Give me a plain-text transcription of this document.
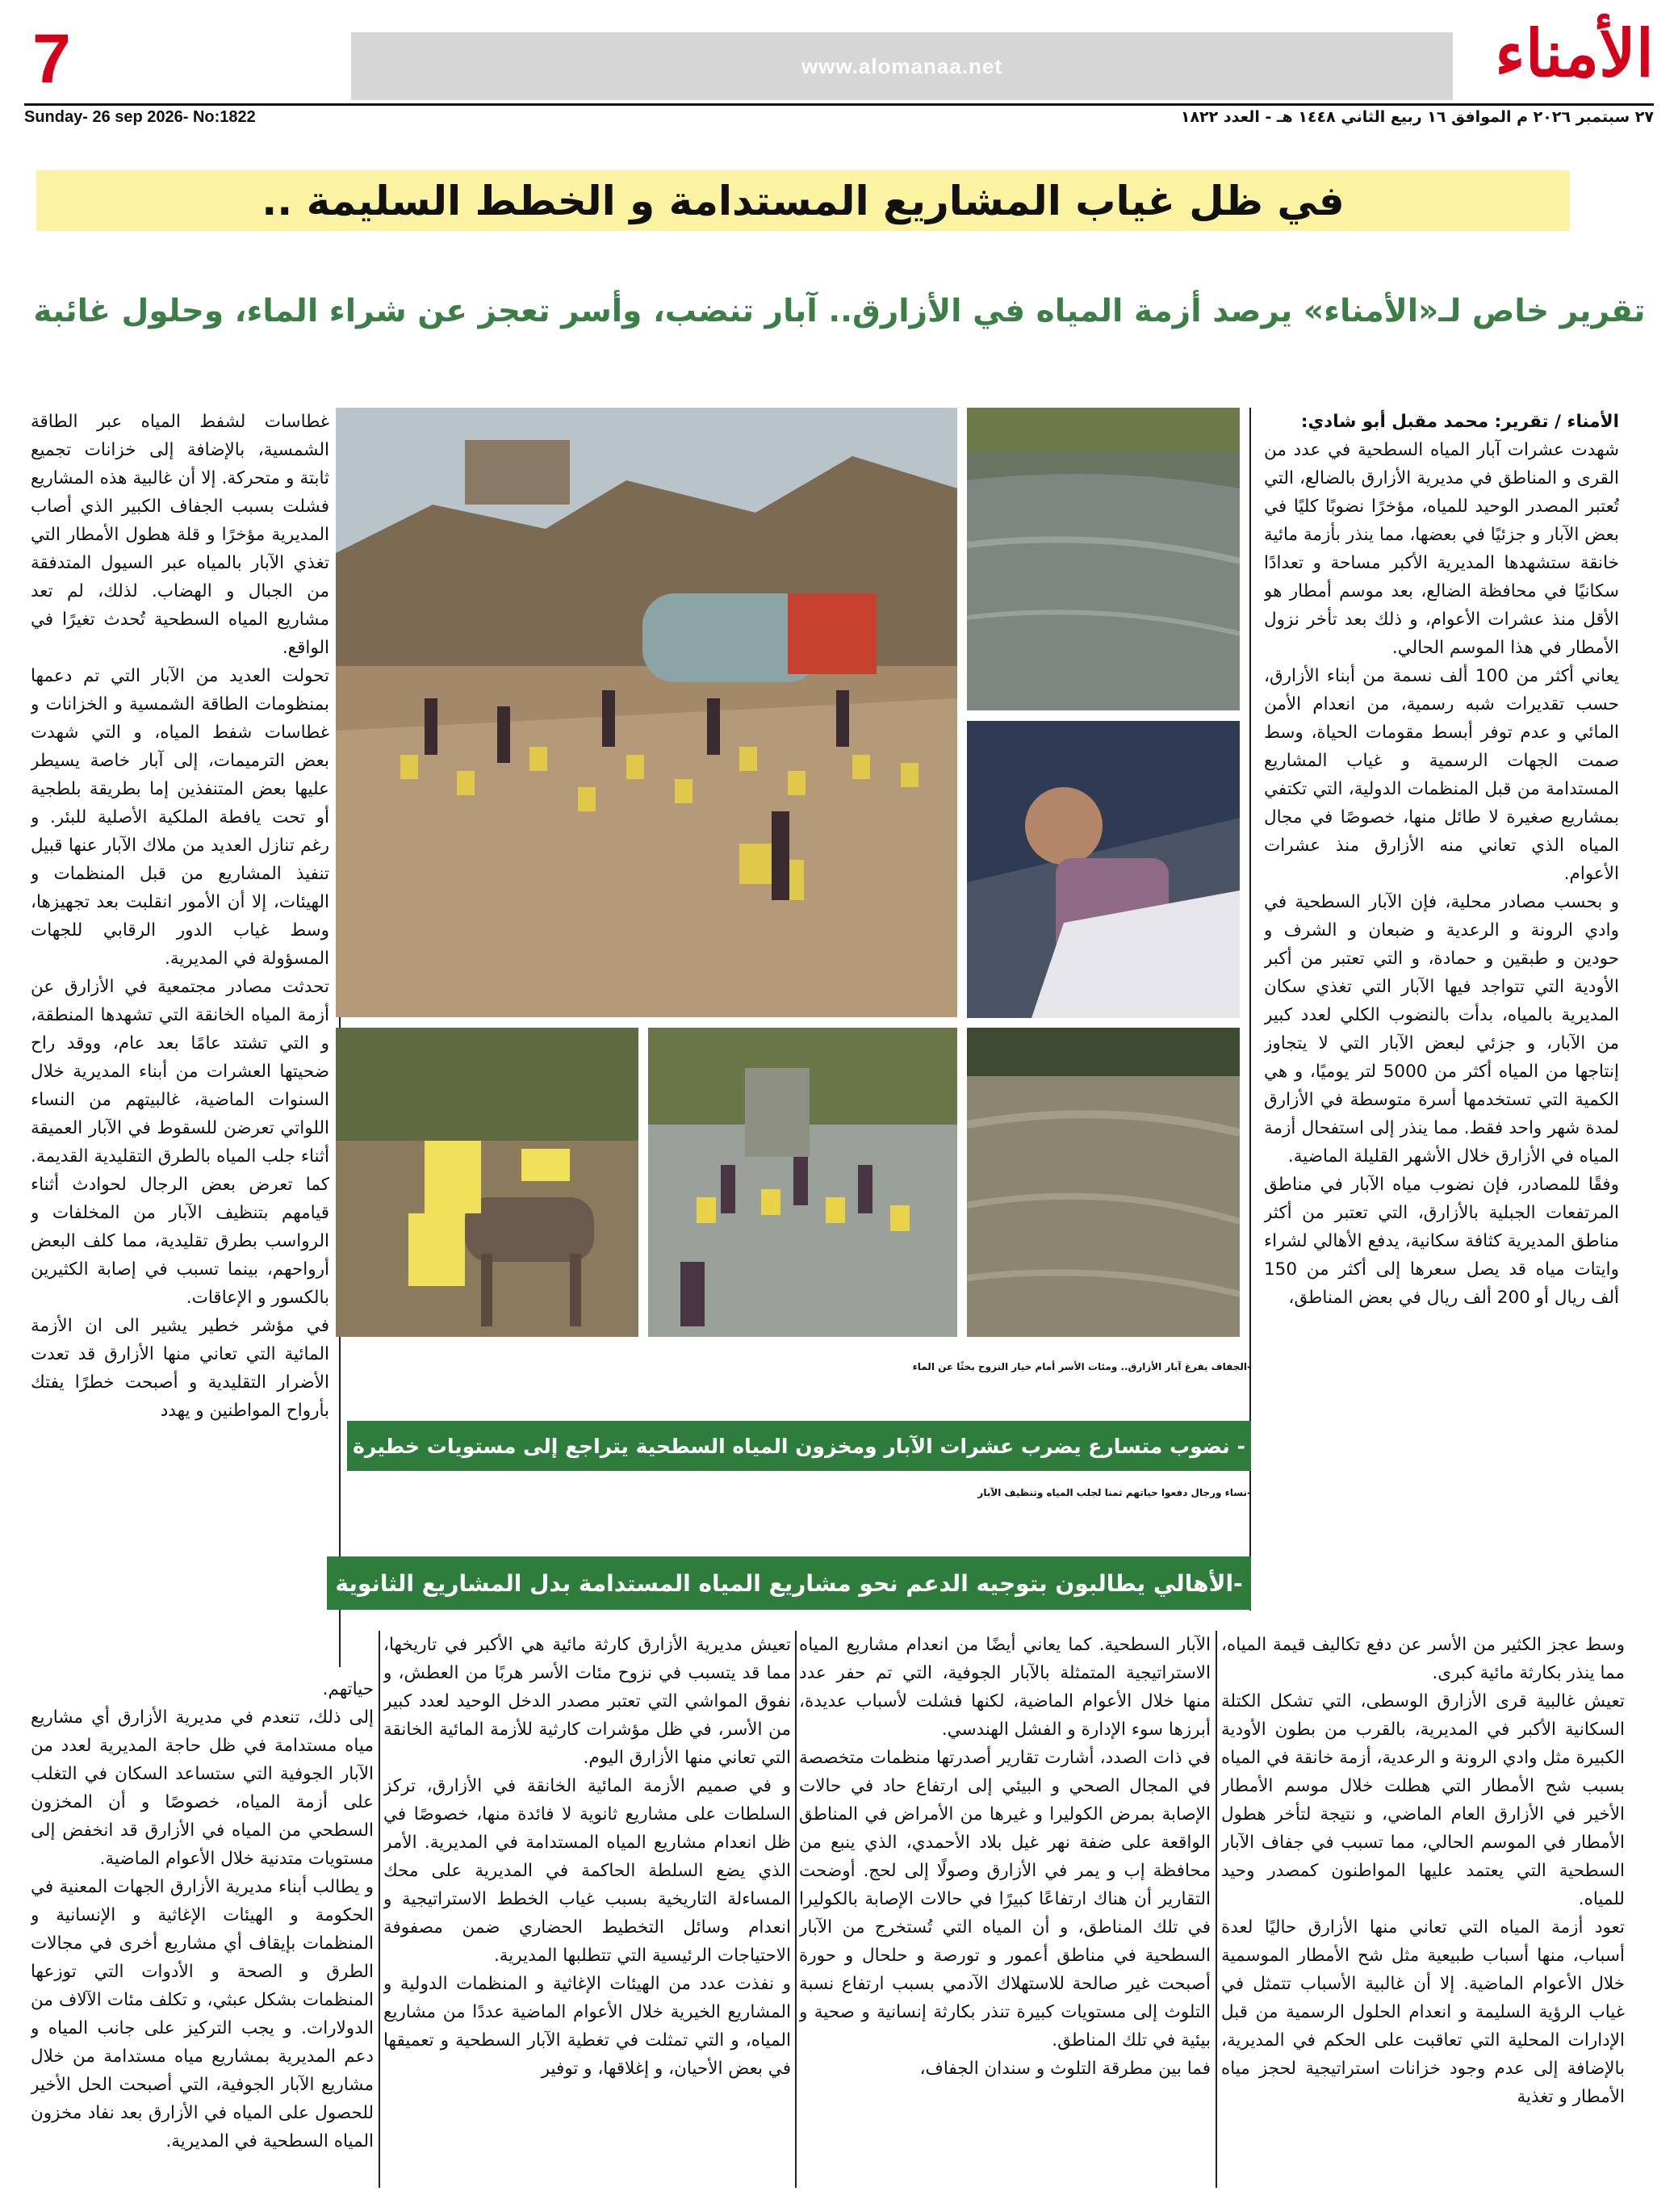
7	www.alomanaa.net	الأمناء
Sunday- 26 sep 2026- No:1822	٢٧ سبتمبر ٢٠٢٦ م الموافق ١٦ ربيع الثاني ١٤٤٨ هـ - العدد ١٨٢٢
في ظل غياب المشاريع المستدامة و الخطط السليمة ..
تقرير خاص لـ«الأمناء» يرصد أزمة المياه في الأزارق.. آبار تنضب، وأسر تعجز عن شراء الماء، وحلول غائبة

الأمناء / تقرير: محمد مقبل أبو شادي:

شهدت عشرات آبار المياه السطحية في عدد من القرى و المناطق في مديرية الأزارق بالضالع، التي تُعتبر المصدر الوحيد للمياه، مؤخرًا نضوبًا كليًا في بعض الآبار و جزئيًا في بعضها، مما ينذر بأزمة مائية خانقة ستشهدها المديرية الأكبر مساحة و تعدادًا سكانيًا في محافظة الضالع، بعد موسم أمطار هو الأقل منذ عشرات الأعوام، و ذلك بعد تأخر نزول الأمطار في هذا الموسم الحالي.
يعاني أكثر من 100 ألف نسمة من أبناء الأزارق، حسب تقديرات شبه رسمية، من انعدام الأمن المائي و عدم توفر أبسط مقومات الحياة، وسط صمت الجهات الرسمية و غياب المشاريع المستدامة من قبل المنظمات الدولية، التي تكتفي بمشاريع صغيرة لا طائل منها، خصوصًا في مجال المياه الذي تعاني منه الأزارق منذ عشرات الأعوام.
و بحسب مصادر محلية، فإن الآبار السطحية في وادي الرونة و الرعدية و ضبعان و الشرف و حودين و طبقين و حمادة، و التي تعتبر من أكبر الأودية التي تتواجد فيها الآبار التي تغذي سكان المديرية بالمياه، بدأت بالنضوب الكلي لعدد كبير من الآبار، و جزئي لبعض الآبار التي لا يتجاوز إنتاجها من المياه أكثر من 5000 لتر يوميًا، و هي الكمية التي تستخدمها أسرة متوسطة في الأزارق لمدة شهر واحد فقط. مما ينذر إلى استفحال أزمة المياه في الأزارق خلال الأشهر القليلة الماضية.
وفقًا للمصادر، فإن نضوب مياه الآبار في مناطق المرتفعات الجبلية بالأزارق، التي تعتبر من أكثر مناطق المديرية كثافة سكانية، يدفع الأهالي لشراء وايتات مياه قد يصل سعرها إلى أكثر من 150 ألف ريال أو 200 ألف ريال في بعض المناطق،

غطاسات لشفط المياه عبر الطاقة الشمسية، بالإضافة إلى خزانات تجميع ثابتة و متحركة. إلا أن غالبية هذه المشاريع فشلت بسبب الجفاف الكبير الذي أصاب المديرية مؤخرًا و قلة هطول الأمطار التي تغذي الآبار بالمياه عبر السيول المتدفقة من الجبال و الهضاب. لذلك، لم تعد مشاريع المياه السطحية تُحدث تغيرًا في الواقع.
تحولت العديد من الآبار التي تم دعمها بمنظومات الطاقة الشمسية و الخزانات و غطاسات شفط المياه، و التي شهدت بعض الترميمات، إلى آبار خاصة يسيطر عليها بعض المتنفذين إما بطريقة بلطجية أو تحت يافطة الملكية الأصلية للبئر. و رغم تنازل العديد من ملاك الآبار عنها قبيل تنفيذ المشاريع من قبل المنظمات و الهيئات، إلا أن الأمور انقلبت بعد تجهيزها، وسط غياب الدور الرقابي للجهات المسؤولة في المديرية.
تحدثت مصادر مجتمعية في الأزارق عن أزمة المياه الخانقة التي تشهدها المنطقة، و التي تشتد عامًا بعد عام، ووقد راح ضحيتها العشرات من أبناء المديرية خلال السنوات الماضية، غالبيتهم من النساء اللواتي تعرضن للسقوط في الآبار العميقة أثناء جلب المياه بالطرق التقليدية القديمة. كما تعرض بعض الرجال لحوادث أثناء قيامهم بتنظيف الآبار من المخلفات و الرواسب بطرق تقليدية، مما كلف البعض أرواحهم، بينما تسبب في إصابة الكثيرين بالكسور و الإعاقات.
في مؤشر خطير يشير الى ان الأزمة المائية التي تعاني منها الأزارق قد تعدت الأضرار التقليدية و أصبحت خطرًا يفتك بأرواح المواطنين و يهدد

-الجفاف يفرغ آبار الأزارق.. ومئات الأسر أمام خيار النزوح بحثًا عن الماء
- نضوب متسارع يضرب عشرات الآبار ومخزون المياه السطحية يتراجع إلى مستويات خطيرة
-نساء ورجال دفعوا حياتهم ثمنا لجلب المياه وتنظيف الآبار
-الأهالي يطالبون بتوجيه الدعم نحو مشاريع المياه المستدامة بدل المشاريع الثانوية

وسط عجز الكثير من الأسر عن دفع تكاليف قيمة المياه، مما ينذر بكارثة مائية كبرى.
تعيش غالبية قرى الأزارق الوسطى، التي تشكل الكتلة السكانية الأكبر في المديرية، بالقرب من بطون الأودية الكبيرة مثل وادي الرونة و الرعدية، أزمة خانقة في المياه بسبب شح الأمطار التي هطلت خلال موسم الأمطار الأخير في الأزارق العام الماضي، و نتيجة لتأخر هطول الأمطار في الموسم الحالي، مما تسبب في جفاف الآبار السطحية التي يعتمد عليها المواطنون كمصدر وحيد للمياه.
تعود أزمة المياه التي تعاني منها الأزارق حاليًا لعدة أسباب، منها أسباب طبيعية مثل شح الأمطار الموسمية خلال الأعوام الماضية. إلا أن غالبية الأسباب تتمثل في غياب الرؤية السليمة و انعدام الحلول الرسمية من قبل الإدارات المحلية التي تعاقبت على الحكم في المديرية، بالإضافة إلى عدم وجود خزانات استراتيجية لحجز مياه الأمطار و تغذية

الآبار السطحية. كما يعاني أيضًا من انعدام مشاريع المياه الاستراتيجية المتمثلة بالآبار الجوفية، التي تم حفر عدد منها خلال الأعوام الماضية، لكنها فشلت لأسباب عديدة، أبرزها سوء الإدارة و الفشل الهندسي.
في ذات الصدد، أشارت تقارير أصدرتها منظمات متخصصة في المجال الصحي و البيئي إلى ارتفاع حاد في حالات الإصابة بمرض الكوليرا و غيرها من الأمراض في المناطق الواقعة على ضفة نهر غيل بلاد الأحمدي، الذي ينبع من محافظة إب و يمر في الأزارق وصولًا إلى لحج. أوضحت التقارير أن هناك ارتفاعًا كبيرًا في حالات الإصابة بالكوليرا في تلك المناطق، و أن المياه التي تُستخرج من الآبار السطحية في مناطق أعمور و تورصة و حلحال و حورة أصبحت غير صالحة للاستهلاك الآدمي بسبب ارتفاع نسبة التلوث إلى مستويات كبيرة تنذر بكارثة إنسانية و صحية و بيئية في تلك المناطق.
فما بين مطرقة التلوث و سندان الجفاف،

تعيش مديرية الأزارق كارثة مائية هي الأكبر في تاريخها، مما قد يتسبب في نزوح مئات الأسر هربًا من العطش، و نفوق المواشي التي تعتبر مصدر الدخل الوحيد لعدد كبير من الأسر، في ظل مؤشرات كارثية للأزمة المائية الخانقة التي تعاني منها الأزارق اليوم.
و في صميم الأزمة المائية الخانقة في الأزارق، تركز السلطات على مشاريع ثانوية لا فائدة منها، خصوصًا في ظل انعدام مشاريع المياه المستدامة في المديرية. الأمر الذي يضع السلطة الحاكمة في المديرية على محك المساءلة التاريخية بسبب غياب الخطط الاستراتيجية و انعدام وسائل التخطيط الحضاري ضمن مصفوفة الاحتياجات الرئيسية التي تتطلبها المديرية.
و نفذت عدد من الهيئات الإغاثية و المنظمات الدولية و المشاريع الخيرية خلال الأعوام الماضية عددًا من مشاريع المياه، و التي تمثلت في تغطية الآبار السطحية و تعميقها في بعض الأحيان، و إغلاقها، و توفير

حياتهم.
إلى ذلك، تنعدم في مديرية الأزارق أي مشاريع مياه مستدامة في ظل حاجة المديرية لعدد من الآبار الجوفية التي ستساعد السكان في التغلب على أزمة المياه، خصوصًا و أن المخزون السطحي من المياه في الأزارق قد انخفض إلى مستويات متدنية خلال الأعوام الماضية.
و يطالب أبناء مديرية الأزارق الجهات المعنية في الحكومة و الهيئات الإغاثية و الإنسانية و المنظمات بإيقاف أي مشاريع أخرى في مجالات الطرق و الصحة و الأدوات التي توزعها المنظمات بشكل عبثي، و تكلف مئات الآلاف من الدولارات. و يجب التركيز على جانب المياه و دعم المديرية بمشاريع مياه مستدامة من خلال مشاريع الآبار الجوفية، التي أصبحت الحل الأخير للحصول على المياه في الأزارق بعد نفاد مخزون المياه السطحية في المديرية.
